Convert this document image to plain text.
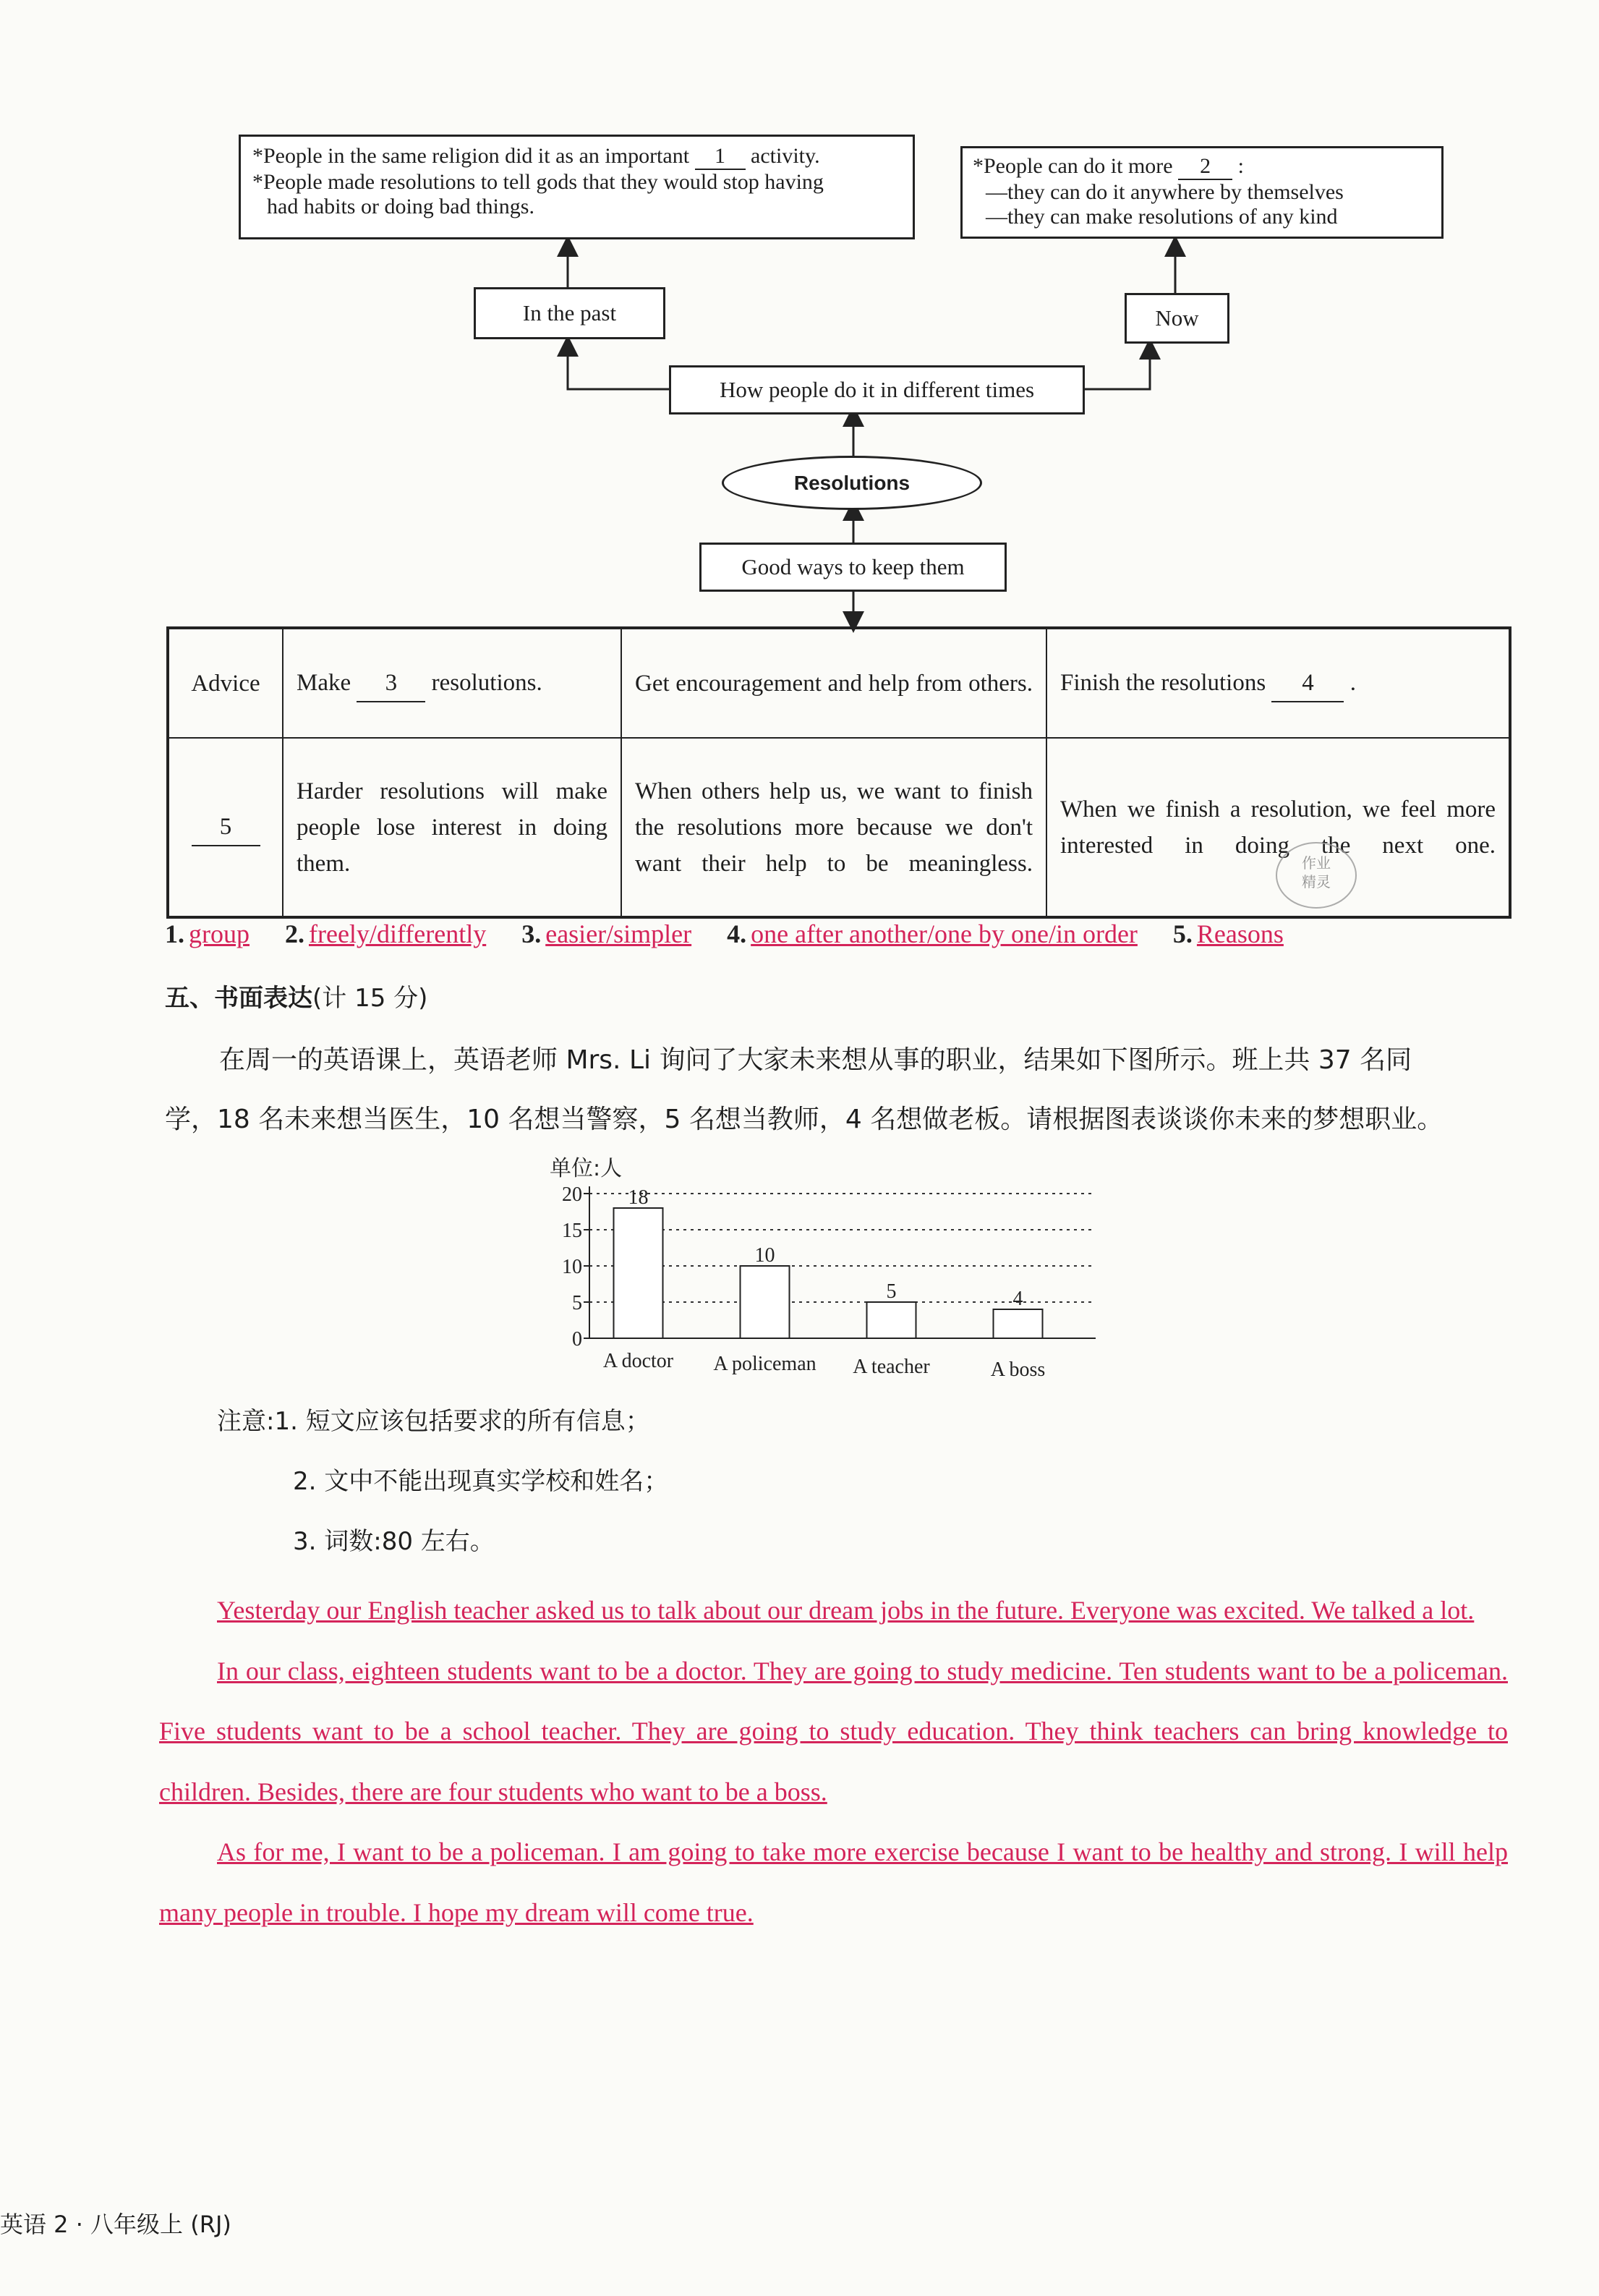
*People in the same religion did it as an important 1 activity.
*People made resolutions to tell gods that they would stop having
had habits or doing bad things.
*People can do it more 2 :
—they can do it anywhere by themselves
—they can make resolutions of any kind
In the past	Now
How people do it in different times
Resolutions
Good ways to keep them
Advice	Make 3 resolutions.	Get encouragement and help from others.	Finish the resolutions 4 .
5	Harder resolutions will make people lose interest in doing them.	When others help us, we want to finish the resolutions more because we don't want their help to be meaningless.	When we finish a resolution, we feel more interested in doing the next one.
作业
精灵
1. group 2. freely/differently 3. easier/simpler 4. one after another/one by one/in order 5. Reasons
五、书面表达(计 15 分)
在周一的英语课上，英语老师 Mrs. Li 询问了大家未来想从事的职业，结果如下图所示。班上共 37 名同
学，18 名未来想当医生，10 名想当警察，5 名想当教师，4 名想做老板。请根据图表谈谈你未来的梦想职业。
单位:人
0
5
10
15
20 18
A doctor
10
A policeman
5
A teacher
4
A boss
注意:1. 短文应该包括要求的所有信息；
2. 文中不能出现真实学校和姓名；
3. 词数:80 左右。

Yesterday our English teacher asked us to talk about our dream jobs in the future. Everyone was excited. We talked a lot.

In our class, eighteen students want to be a doctor. They are going to study medicine. Ten students want to be a policeman. Five students want to be a school teacher. They are going to study education. They think teachers can bring knowledge to children. Besides, there are four students who want to be a boss.

As for me, I want to be a policeman. I am going to take more exercise because I want to be healthy and strong. I will help many people in trouble. I hope my dream will come true.

英语 2 · 八年级上 (RJ)
